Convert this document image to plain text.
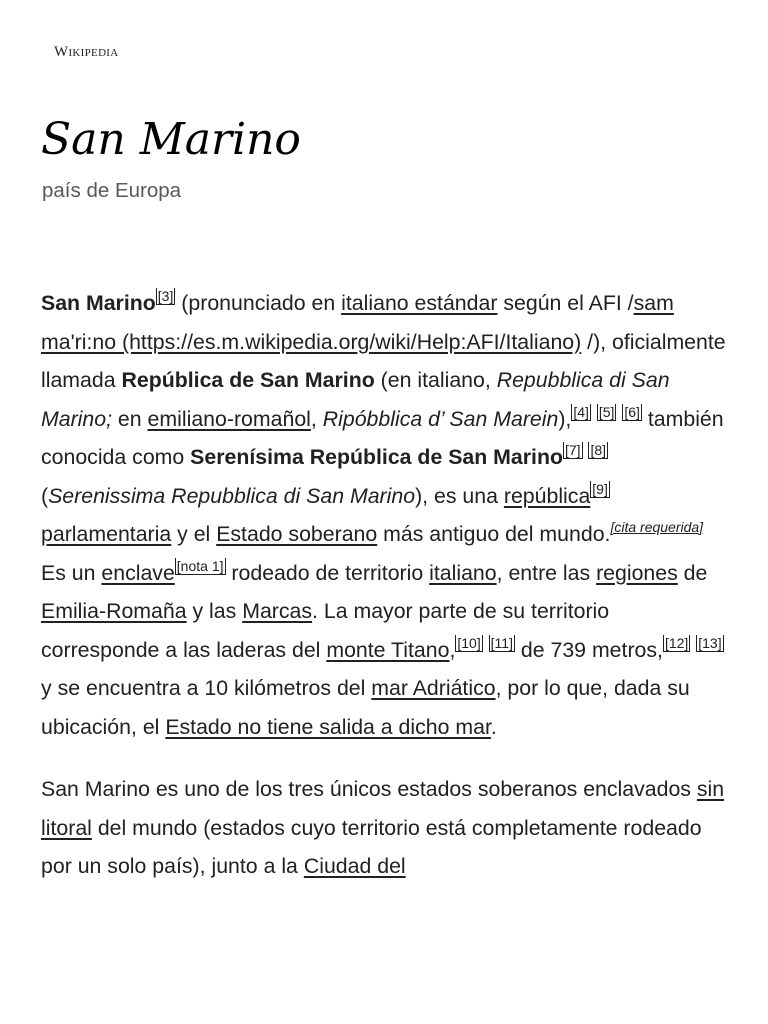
Wikipedia
San Marino
país de Europa

San Marino [3] (pronunciado en italiano estándar según el AFI /sam ma'ri:no (https://es.m.wikipedia.org/wiki/Help:AFI/Italiano) /), oficialmente llamada República de San Marino (en italiano, Repubblica di San Marino; en emiliano-romañol, Ripóbblica d’ San Marein), [4] [5] [6] también conocida como Serenísima República de San Marino [7] [8] (Serenissima Repubblica di San Marino), es una república [9] parlamentaria y el Estado soberano más antiguo del mundo.[cita requerida] Es un enclave [nota 1] rodeado de territorio italiano, entre las regiones de Emilia-Romaña y las Marcas. La mayor parte de su territorio corresponde a las laderas del monte Titano, [10] [11] de 739 metros, [12] [13] y se encuentra a 10 kilómetros del mar Adriático, por lo que, dada su ubicación, el Estado no tiene salida a dicho mar.

San Marino es uno de los tres únicos estados soberanos enclavados sin litoral del mundo (estados cuyo territorio está completamente rodeado por un solo país), junto a la Ciudad del
